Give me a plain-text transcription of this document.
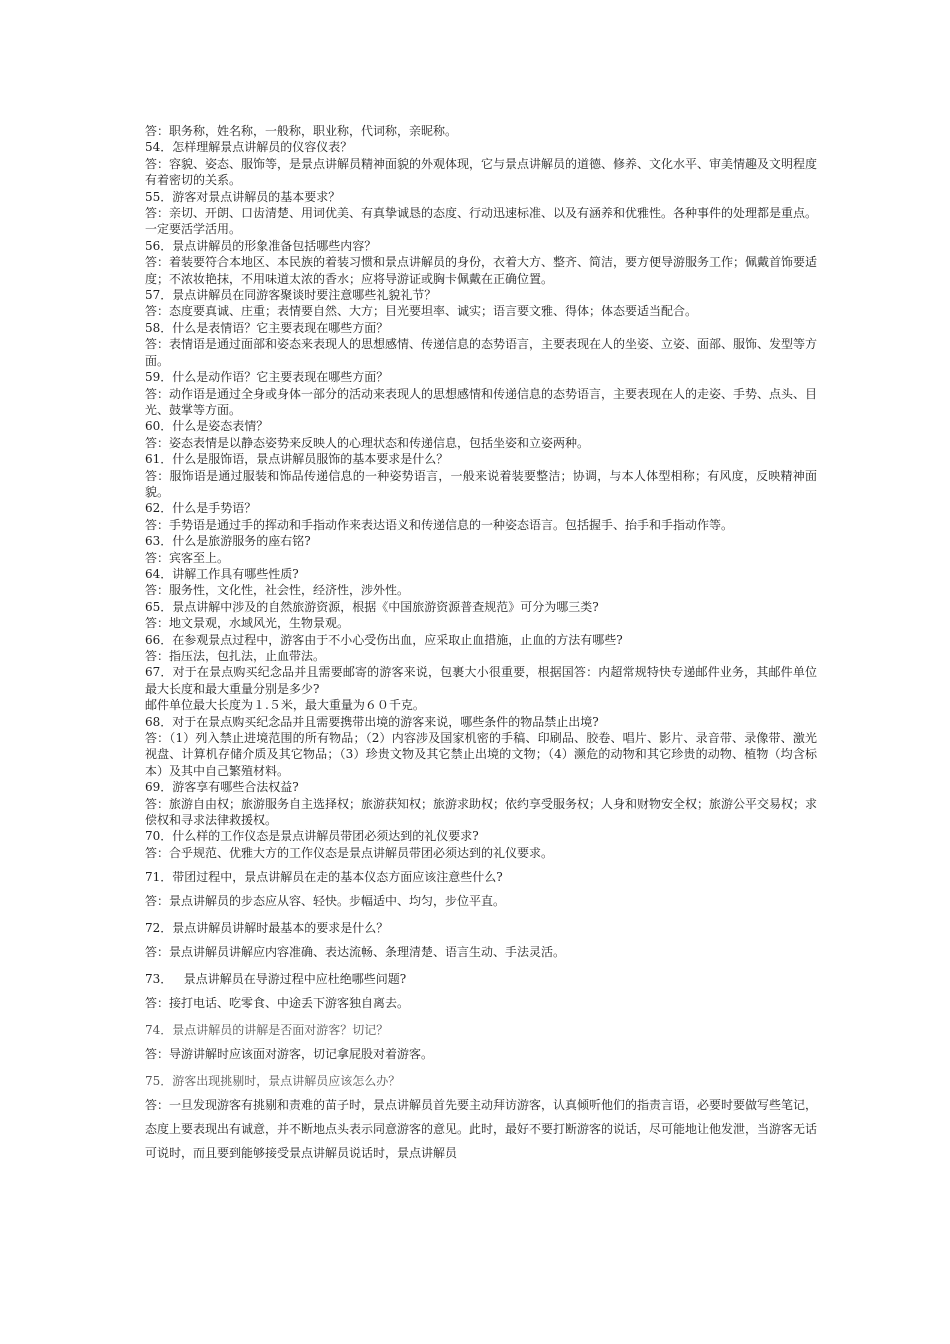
答：职务称，姓名称，一般称，职业称，代词称，亲昵称。

54．怎样理解景点讲解员的仪容仪表？

答：容貌、姿态、服饰等，是景点讲解员精神面貌的外观体现，它与景点讲解员的道德、修养、文化水平、审美情趣及文明程度有着密切的关系。

55．游客对景点讲解员的基本要求？

答：亲切、开朗、口齿清楚、用词优美、有真挚诚恳的态度、行动迅速标准、以及有涵养和优雅性。各种事件的处理都是重点。一定要活学活用。

56．景点讲解员的形象准备包括哪些内容？

答：着装要符合本地区、本民族的着装习惯和景点讲解员的身份，衣着大方、整齐、简洁，要方便导游服务工作；佩戴首饰要适度；不浓妆艳抹，不用味道太浓的香水；应将导游证或胸卡佩戴在正确位置。

57．景点讲解员在同游客聚谈时要注意哪些礼貌礼节？

答：态度要真诚、庄重；表情要自然、大方；目光要坦率、诚实；语言要文雅、得体；体态要适当配合。

58．什么是表情语？它主要表现在哪些方面？

答：表情语是通过面部和姿态来表现人的思想感情、传递信息的态势语言，主要表现在人的坐姿、立姿、面部、服饰、发型等方面。

59．什么是动作语？它主要表现在哪些方面？

答：动作语是通过全身或身体一部分的活动来表现人的思想感情和传递信息的态势语言，主要表现在人的走姿、手势、点头、目光、鼓掌等方面。

60．什么是姿态表情？

答：姿态表情是以静态姿势来反映人的心理状态和传递信息，包括坐姿和立姿两种。

61．什么是服饰语，景点讲解员服饰的基本要求是什么？

答：服饰语是通过服装和饰品传递信息的一种姿势语言，一般来说着装要整洁；协调，与本人体型相称；有风度，反映精神面貌。

62．什么是手势语？

答：手势语是通过手的挥动和手指动作来表达语义和传递信息的一种姿态语言。包括握手、抬手和手指动作等。

63．什么是旅游服务的座右铭?

答：宾客至上。

64．讲解工作具有哪些性质?

答：服务性，文化性，社会性，经济性，涉外性。

65．景点讲解中涉及的自然旅游资源，根据《中国旅游资源普查规范》可分为哪三类?

答：地文景观，水域风光，生物景观。

66．在参观景点过程中，游客由于不小心受伤出血，应采取止血措施，止血的方法有哪些?

答：指压法，包扎法，止血带法。

67．对于在景点购买纪念品并且需要邮寄的游客来说，包裹大小很重要，根据国答：内超常规特快专递邮件业务，其邮件单位最大长度和最大重量分别是多少?

邮件单位最大长度为１.５米，最大重量为６０千克。

68．对于在景点购买纪念品并且需要携带出境的游客来说，哪些条件的物品禁止出境?

答：（1）列入禁止进境范围的所有物品；（2）内容涉及国家机密的手稿、印刷品、胶卷、唱片、影片、录音带、录像带、激光视盘、计算机存储介质及其它物品；（3）珍贵文物及其它禁止出境的文物；（4）濒危的动物和其它珍贵的动物、植物（均含标本）及其中自己繁殖材料。

69．游客享有哪些合法权益?

答：旅游自由权；旅游服务自主选择权；旅游获知权；旅游求助权；依约享受服务权；人身和财物安全权；旅游公平交易权；求偿权和寻求法律救援权。

70．什么样的工作仪态是景点讲解员带团必须达到的礼仪要求?

答：合乎规范、优雅大方的工作仪态是景点讲解员带团必须达到的礼仪要求。

71．带团过程中，景点讲解员在走的基本仪态方面应该注意些什么?

答：景点讲解员的步态应从容、轻快。步幅适中、均匀，步位平直。

72．景点讲解员讲解时最基本的要求是什么？

答：景点讲解员讲解应内容准确、表达流畅、条理清楚、语言生动、手法灵活。

73．   景点讲解员在导游过程中应杜绝哪些问题?

答：接打电话、吃零食、中途丢下游客独自离去。

74．景点讲解员的讲解是否面对游客？切记？

答：导游讲解时应该面对游客，切记拿屁股对着游客。

75．游客出现挑剔时，景点讲解员应该怎么办？

答：一旦发现游客有挑剔和责难的苗子时，景点讲解员首先要主动拜访游客，认真倾听他们的指责言语，必要时要做写些笔记，态度上要表现出有诚意，并不断地点头表示同意游客的意见。此时，最好不要打断游客的说话，尽可能地让他发泄，当游客无话可说时，而且要到能够接受景点讲解员说话时，景点讲解员
